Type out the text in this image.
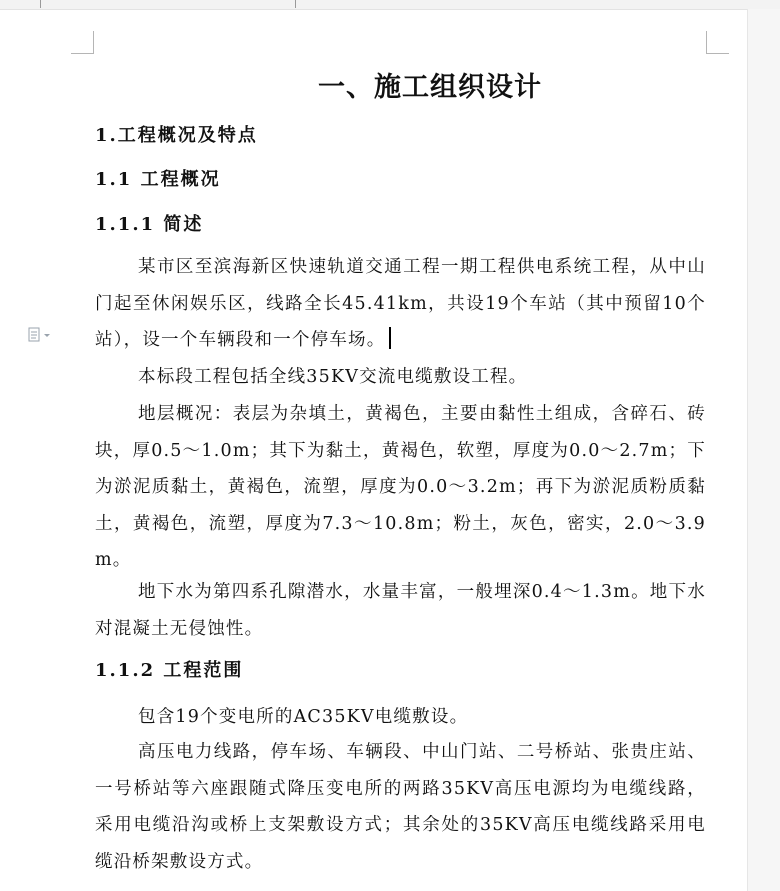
一、施工组织设计
1.工程概况及特点
1.1 工程概况
1.1.1 简述

某市区至滨海新区快速轨道交通工程一期工程供电系统工程，从中山门起至休闲娱乐区，线路全长45.41km，共设19个车站（其中预留10个站），设一个车辆段和一个停车场。

本标段工程包括全线35KV交流电缆敷设工程。

地层概况：表层为杂填土，黄褐色，主要由黏性土组成，含碎石、砖块，厚0.5～1.0m；其下为黏土，黄褐色，软塑，厚度为0.0～2.7m；下为淤泥质黏土，黄褐色，流塑，厚度为0.0～3.2m；再下为淤泥质粉质黏土，黄褐色，流塑，厚度为7.3～10.8m；粉土，灰色，密实，2.0～3.9m。

地下水为第四系孔隙潜水，水量丰富，一般埋深0.4～1.3m。地下水对混凝土无侵蚀性。

1.1.2 工程范围

包含19个变电所的AC35KV电缆敷设。

高压电力线路，停车场、车辆段、中山门站、二号桥站、张贵庄站、一号桥站等六座跟随式降压变电所的两路35KV高压电源均为电缆线路，采用电缆沿沟或桥上支架敷设方式；其余处的35KV高压电缆线路采用电缆沿桥架敷设方式。
